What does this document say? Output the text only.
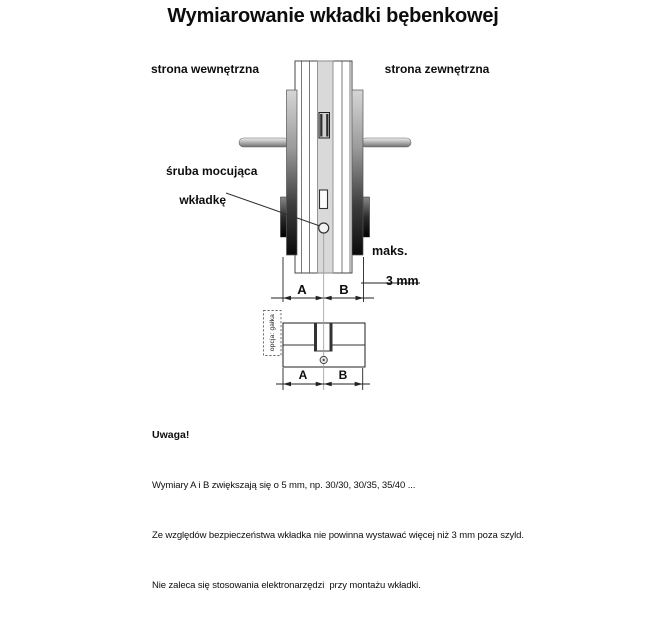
Wymiarowanie wkładki bębenkowej
strona wewnętrzna	strona zewnętrzna
śruba mocująca

wkładkę
maks.

3 mm
A	B
A	B
opcja: gałka

Uwaga!

Wymiary A i B zwiększają się o 5 mm, np. 30/30, 30/35, 35/40 ...

Ze względów bezpieczeństwa wkładka nie powinna wystawać więcej niż 3 mm poza szyld.

Nie zaleca się stosowania elektronarzędzi  przy montażu wkładki.
